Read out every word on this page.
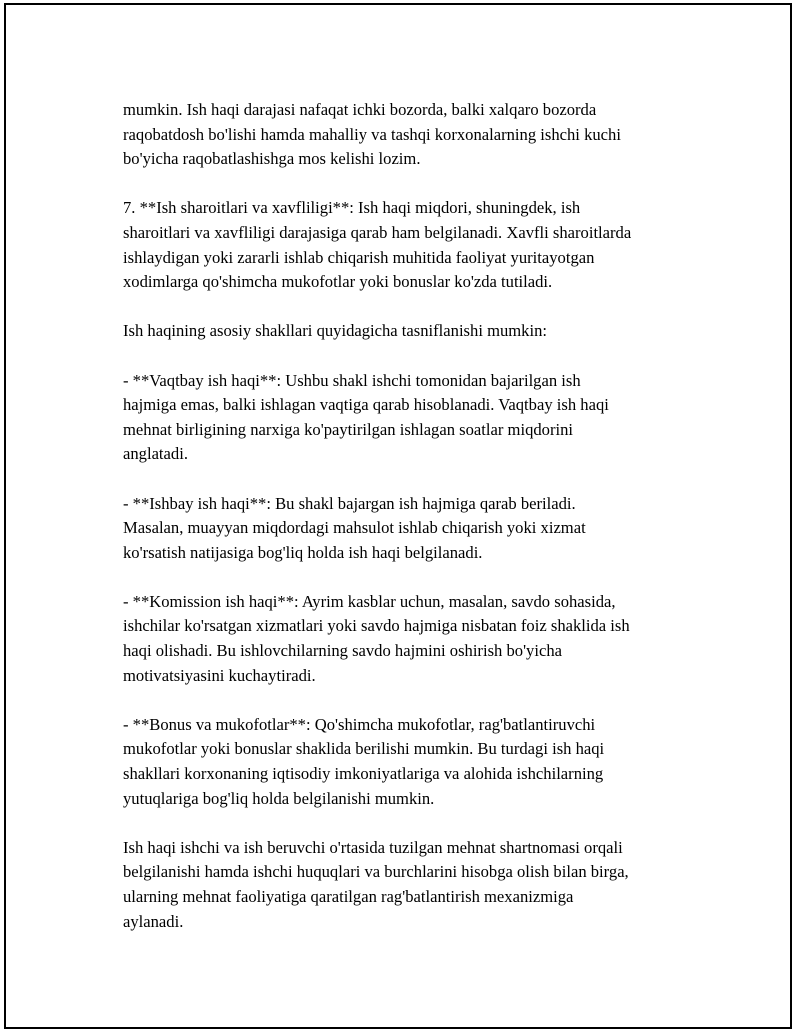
mumkin. Ish haqi darajasi nafaqat ichki bozorda, balki xalqaro bozorda
raqobatdosh bo'lishi hamda mahalliy va tashqi korxonalarning ishchi kuchi
bo'yicha raqobatlashishga mos kelishi lozim.
7. **Ish sharoitlari va xavfliligi**: Ish haqi miqdori, shuningdek, ish
sharoitlari va xavfliligi darajasiga qarab ham belgilanadi. Xavfli sharoitlarda
ishlaydigan yoki zararli ishlab chiqarish muhitida faoliyat yuritayotgan
xodimlarga qo'shimcha mukofotlar yoki bonuslar ko'zda tutiladi.
Ish haqining asosiy shakllari quyidagicha tasniflanishi mumkin:
- **Vaqtbay ish haqi**: Ushbu shakl ishchi tomonidan bajarilgan ish
hajmiga emas, balki ishlagan vaqtiga qarab hisoblanadi. Vaqtbay ish haqi
mehnat birligining narxiga ko'paytirilgan ishlagan soatlar miqdorini
anglatadi.
- **Ishbay ish haqi**: Bu shakl bajargan ish hajmiga qarab beriladi.
Masalan, muayyan miqdordagi mahsulot ishlab chiqarish yoki xizmat
ko'rsatish natijasiga bog'liq holda ish haqi belgilanadi.
- **Komission ish haqi**: Ayrim kasblar uchun, masalan, savdo sohasida,
ishchilar ko'rsatgan xizmatlari yoki savdo hajmiga nisbatan foiz shaklida ish
haqi olishadi. Bu ishlovchilarning savdo hajmini oshirish bo'yicha
motivatsiyasini kuchaytiradi.
- **Bonus va mukofotlar**: Qo'shimcha mukofotlar, rag'batlantiruvchi
mukofotlar yoki bonuslar shaklida berilishi mumkin. Bu turdagi ish haqi
shakllari korxonaning iqtisodiy imkoniyatlariga va alohida ishchilarning
yutuqlariga bog'liq holda belgilanishi mumkin.
Ish haqi ishchi va ish beruvchi o'rtasida tuzilgan mehnat shartnomasi orqali
belgilanishi hamda ishchi huquqlari va burchlarini hisobga olish bilan birga,
ularning mehnat faoliyatiga qaratilgan rag'batlantirish mexanizmiga
aylanadi.
